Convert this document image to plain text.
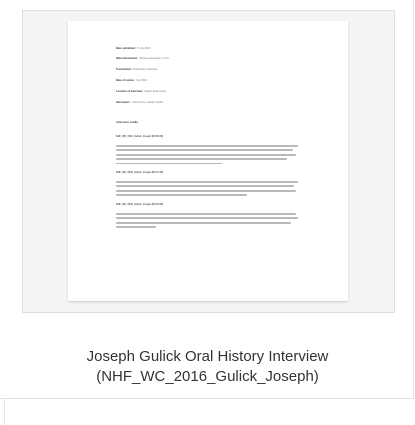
Date submitted: 5 July 2016
Date interviewed: Vaison-la-Romaine, 6 Oct.
Transcribed: Oral history interview
Date of review: July 2016
Location of interview: Vaison-la-Romaine
Interviewer: Interview by Joseph Gulick
Interview Audio
NHF_WC_2016_Gulick_Joseph [00:00:00]
NHF_WC_2016_Gulick_Joseph [00:01:10]
NHF_WC_2016_Gulick_Joseph [00:03:25]
Joseph Gulick Oral History Interview
(NHF_WC_2016_Gulick_Joseph)
